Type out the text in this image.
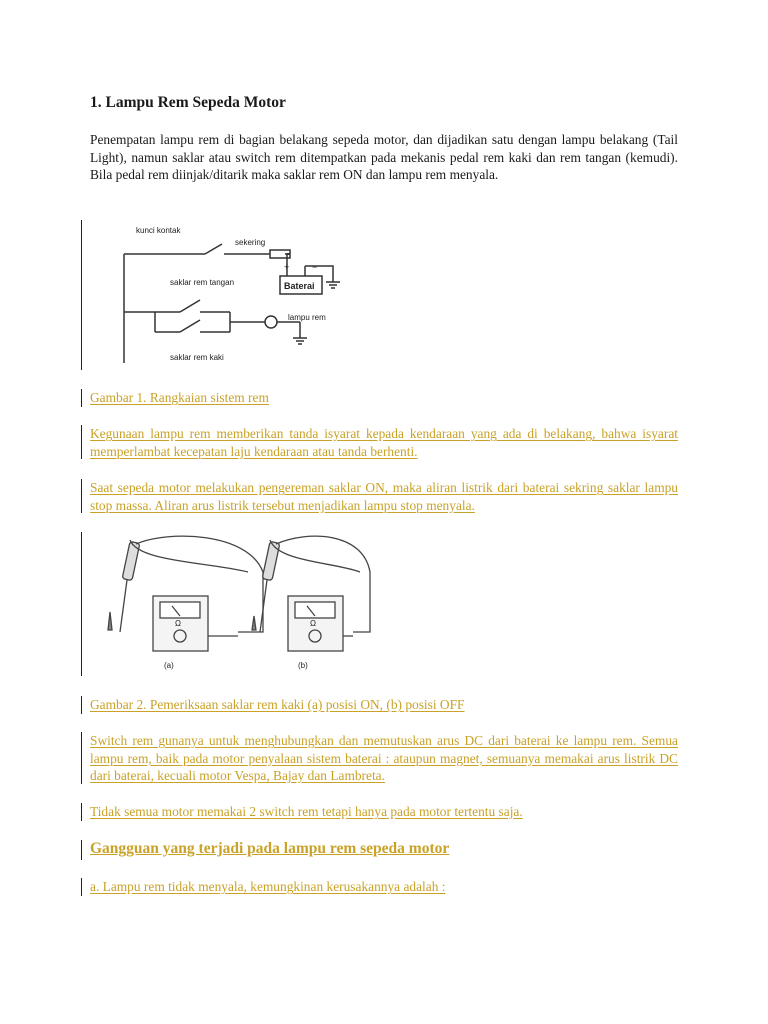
1. Lampu Rem Sepeda Motor

Penempatan lampu rem di bagian belakang sepeda motor, dan dijadikan satu dengan lampu belakang (Tail Light), namun saklar atau switch rem ditempatkan pada mekanis pedal rem kaki dan rem tangan (kemudi). Bila pedal rem diinjak/ditarik maka saklar rem ON dan lampu rem menyala.

kunci kontak
sekering
+	−
Baterai
saklar rem tangan
lampu rem
saklar rem kaki

Gambar 1. Rangkaian sistem rem

Kegunaan lampu rem memberikan tanda isyarat kepada kendaraan yang ada di belakang, bahwa isyarat memperlambat kecepatan laju kendaraan atau tanda berhenti.

Saat sepeda motor melakukan pengereman saklar ON, maka aliran listrik dari baterai sekring saklar lampu stop massa. Aliran arus listrik tersebut menjadikan lampu stop menyala.

Ω	Ω
(a)	(b)

Gambar 2. Pemeriksaan saklar rem kaki (a) posisi ON, (b) posisi OFF

Switch rem gunanya untuk menghubungkan dan memutuskan arus DC dari baterai ke lampu rem. Semua lampu rem, baik pada motor penyalaan sistem baterai : ataupun magnet, semuanya memakai arus listrik DC dari baterai, kecuali motor Vespa, Bajay dan Lambreta.

Tidak semua motor memakai 2 switch rem tetapi hanya pada motor tertentu saja.

Gangguan yang terjadi pada lampu rem sepeda motor

a. Lampu rem tidak menyala, kemungkinan kerusakannya adalah :
